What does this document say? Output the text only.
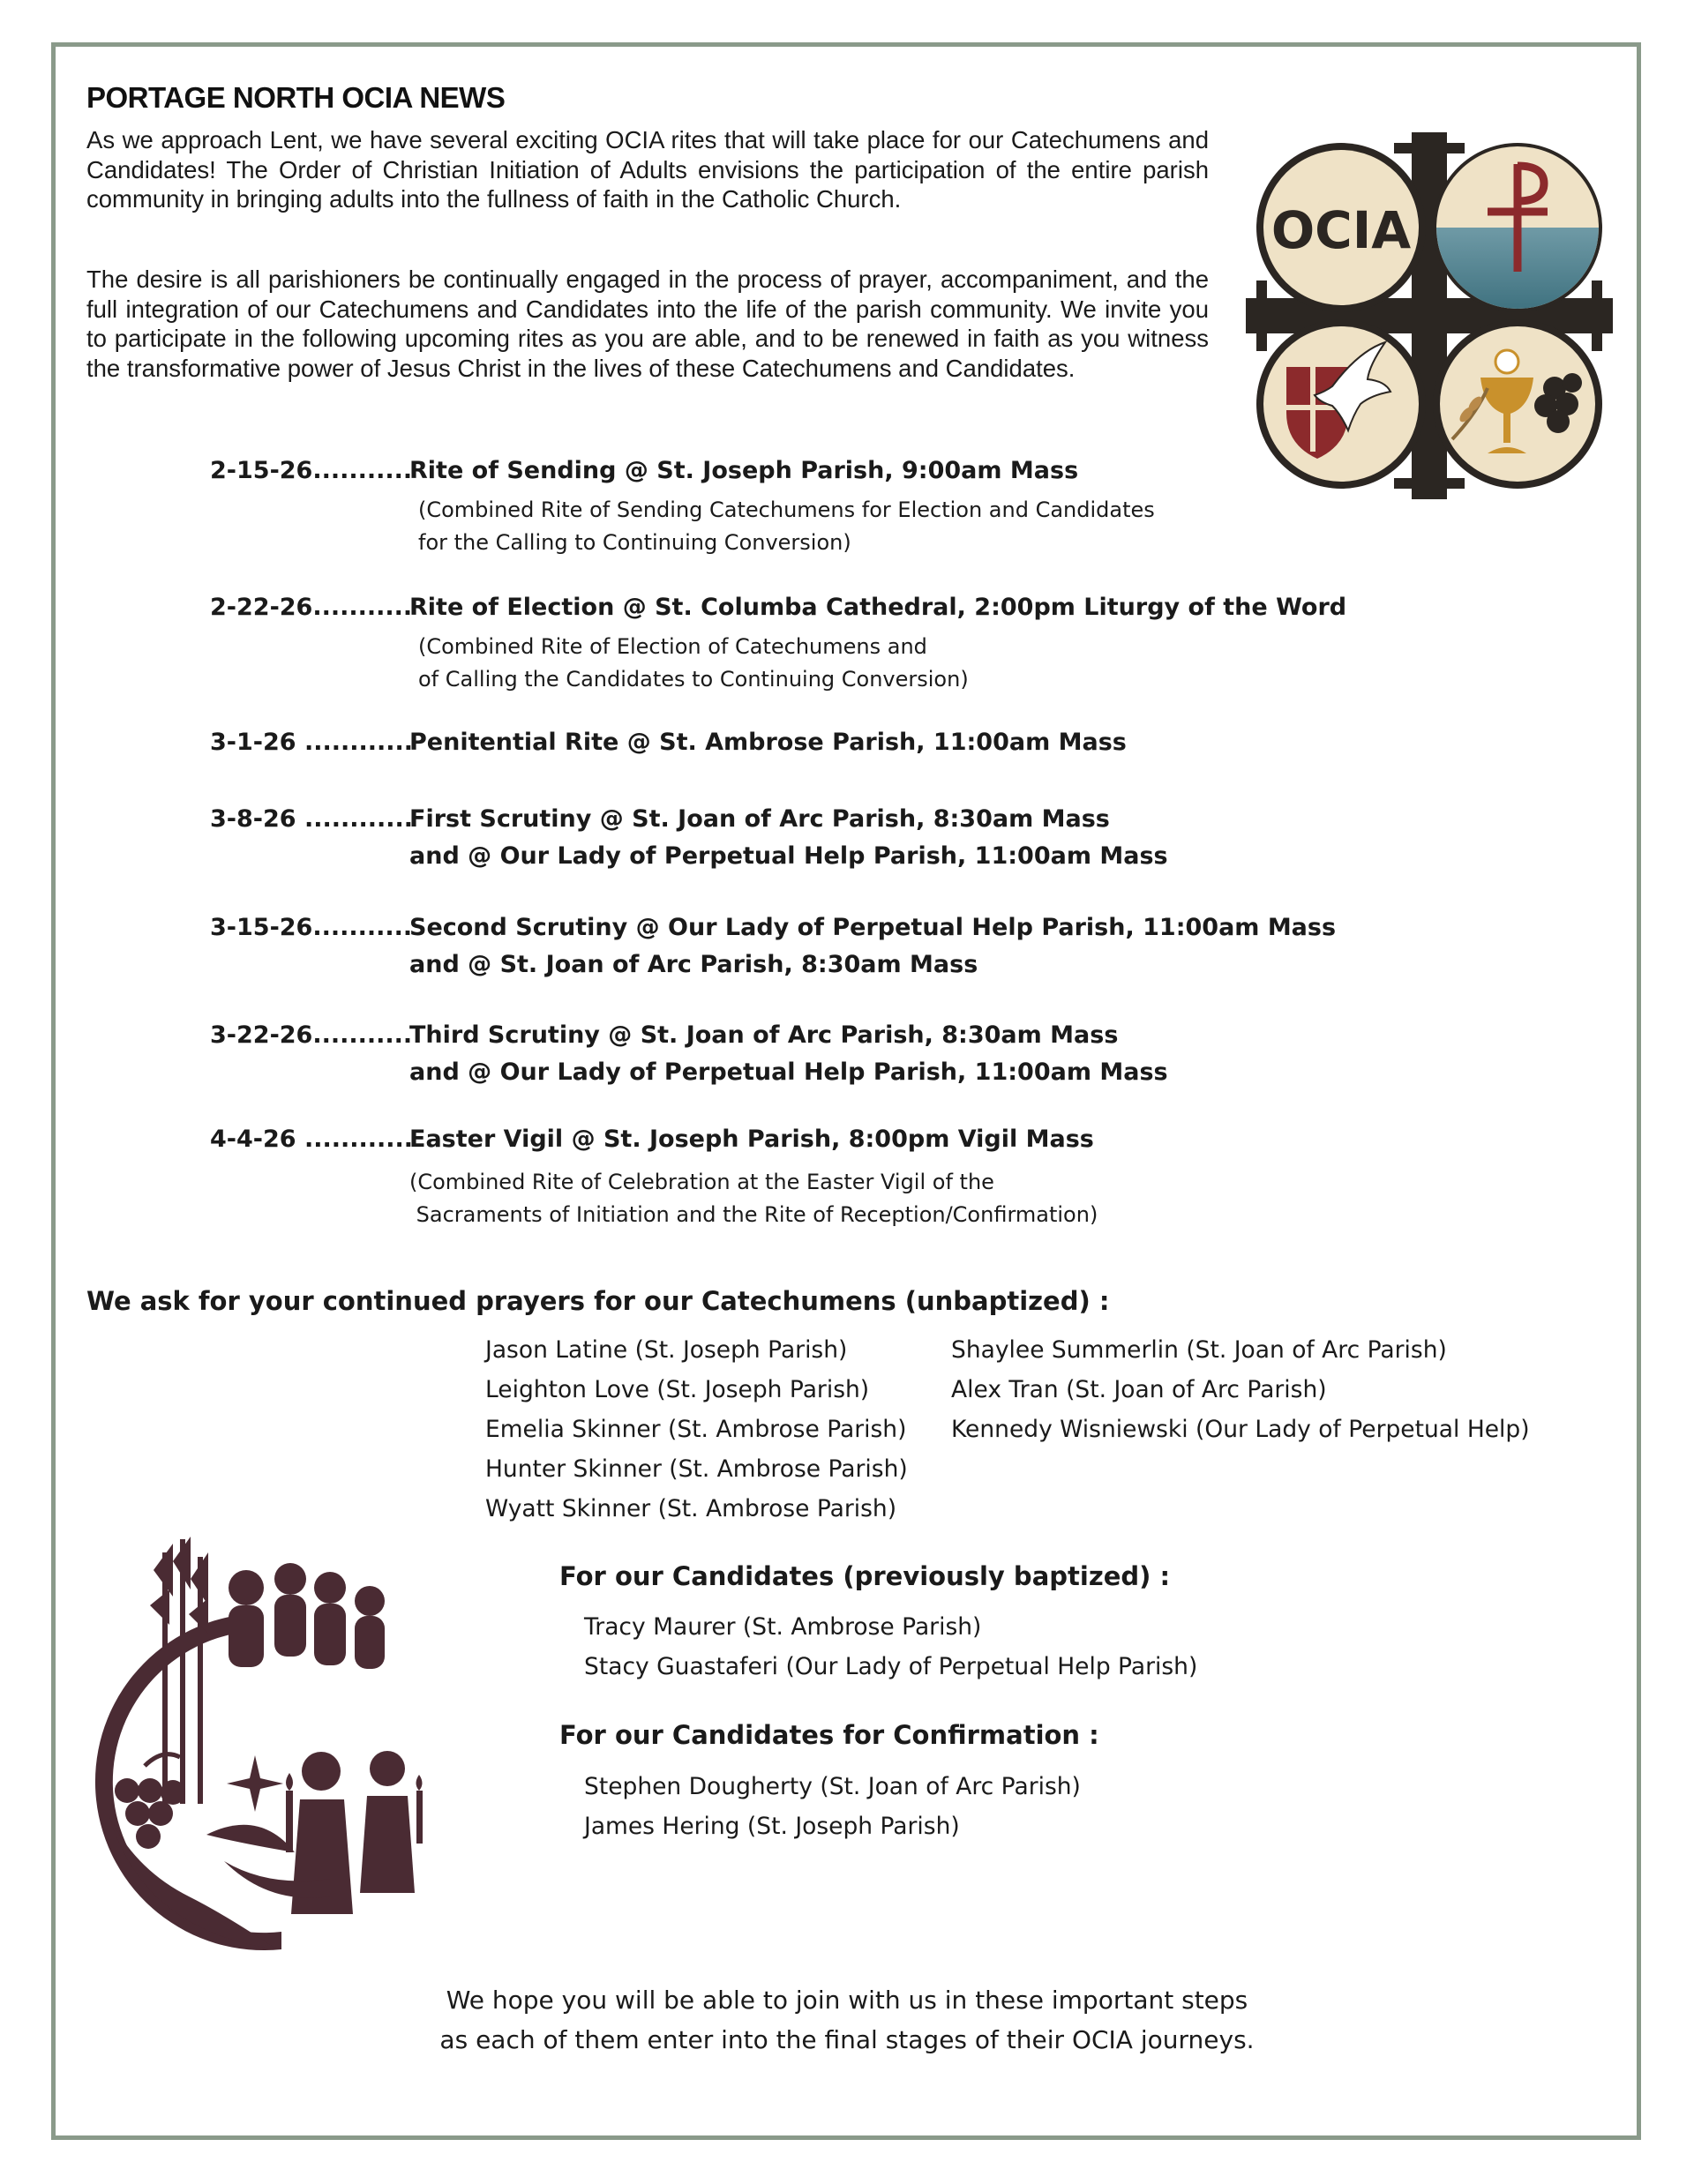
PORTAGE NORTH OCIA NEWS
As we approach Lent, we have several exciting OCIA rites that will take place for our Catechumens and Candidates! The Order of Christian Initiation of Adults envisions the participation of the entire parish community in bringing adults into the fullness of faith in the Catholic Church.
The desire is all parishioners be continually engaged in the process of prayer, accompaniment, and the full integration of our Catechumens and Candidates into the life of the parish community. We invite you to participate in the following upcoming rites as you are able, and to be renewed in faith as you witness the transformative power of Jesus Christ in the lives of these Catechumens and Candidates.
OCIA
2-15-26...........
Rite of Sending @ St. Joseph Parish, 9:00am Mass
(Combined Rite of Sending Catechumens for Election and Candidates
for the Calling to Continuing Conversion)
2-22-26...........
Rite of Election @ St. Columba Cathedral, 2:00pm Liturgy of the Word
(Combined Rite of Election of Catechumens and
of Calling the Candidates to Continuing Conversion)
3-1-26 ............
Penitential Rite @ St. Ambrose Parish, 11:00am Mass
3-8-26 ............
First Scrutiny @ St. Joan of Arc Parish, 8:30am Mass
and @ Our Lady of Perpetual Help Parish, 11:00am Mass
3-15-26...........
Second Scrutiny @ Our Lady of Perpetual Help Parish, 11:00am Mass
and @ St. Joan of Arc Parish, 8:30am Mass
3-22-26...........
Third Scrutiny @ St. Joan of Arc Parish, 8:30am Mass
and @ Our Lady of Perpetual Help Parish, 11:00am Mass
4-4-26 ............
Easter Vigil @ St. Joseph Parish, 8:00pm Vigil Mass
(Combined Rite of Celebration at the Easter Vigil of the
Sacraments of Initiation and the Rite of Reception/Confirmation)
We ask for your continued prayers for our Catechumens (unbaptized) :
Jason Latine (St. Joseph Parish)
Leighton Love (St. Joseph Parish)
Emelia Skinner (St. Ambrose Parish)
Hunter Skinner (St. Ambrose Parish)
Wyatt Skinner (St. Ambrose Parish)
Shaylee Summerlin (St. Joan of Arc Parish)
Alex Tran (St. Joan of Arc Parish)
Kennedy Wisniewski (Our Lady of Perpetual Help)
For our Candidates (previously baptized) :
Tracy Maurer (St. Ambrose Parish)
Stacy Guastaferi (Our Lady of Perpetual Help Parish)
For our Candidates for Confirmation :
Stephen Dougherty (St. Joan of Arc Parish)
James Hering (St. Joseph Parish)
We hope you will be able to join with us in these important steps
as each of them enter into the final stages of their OCIA journeys.
